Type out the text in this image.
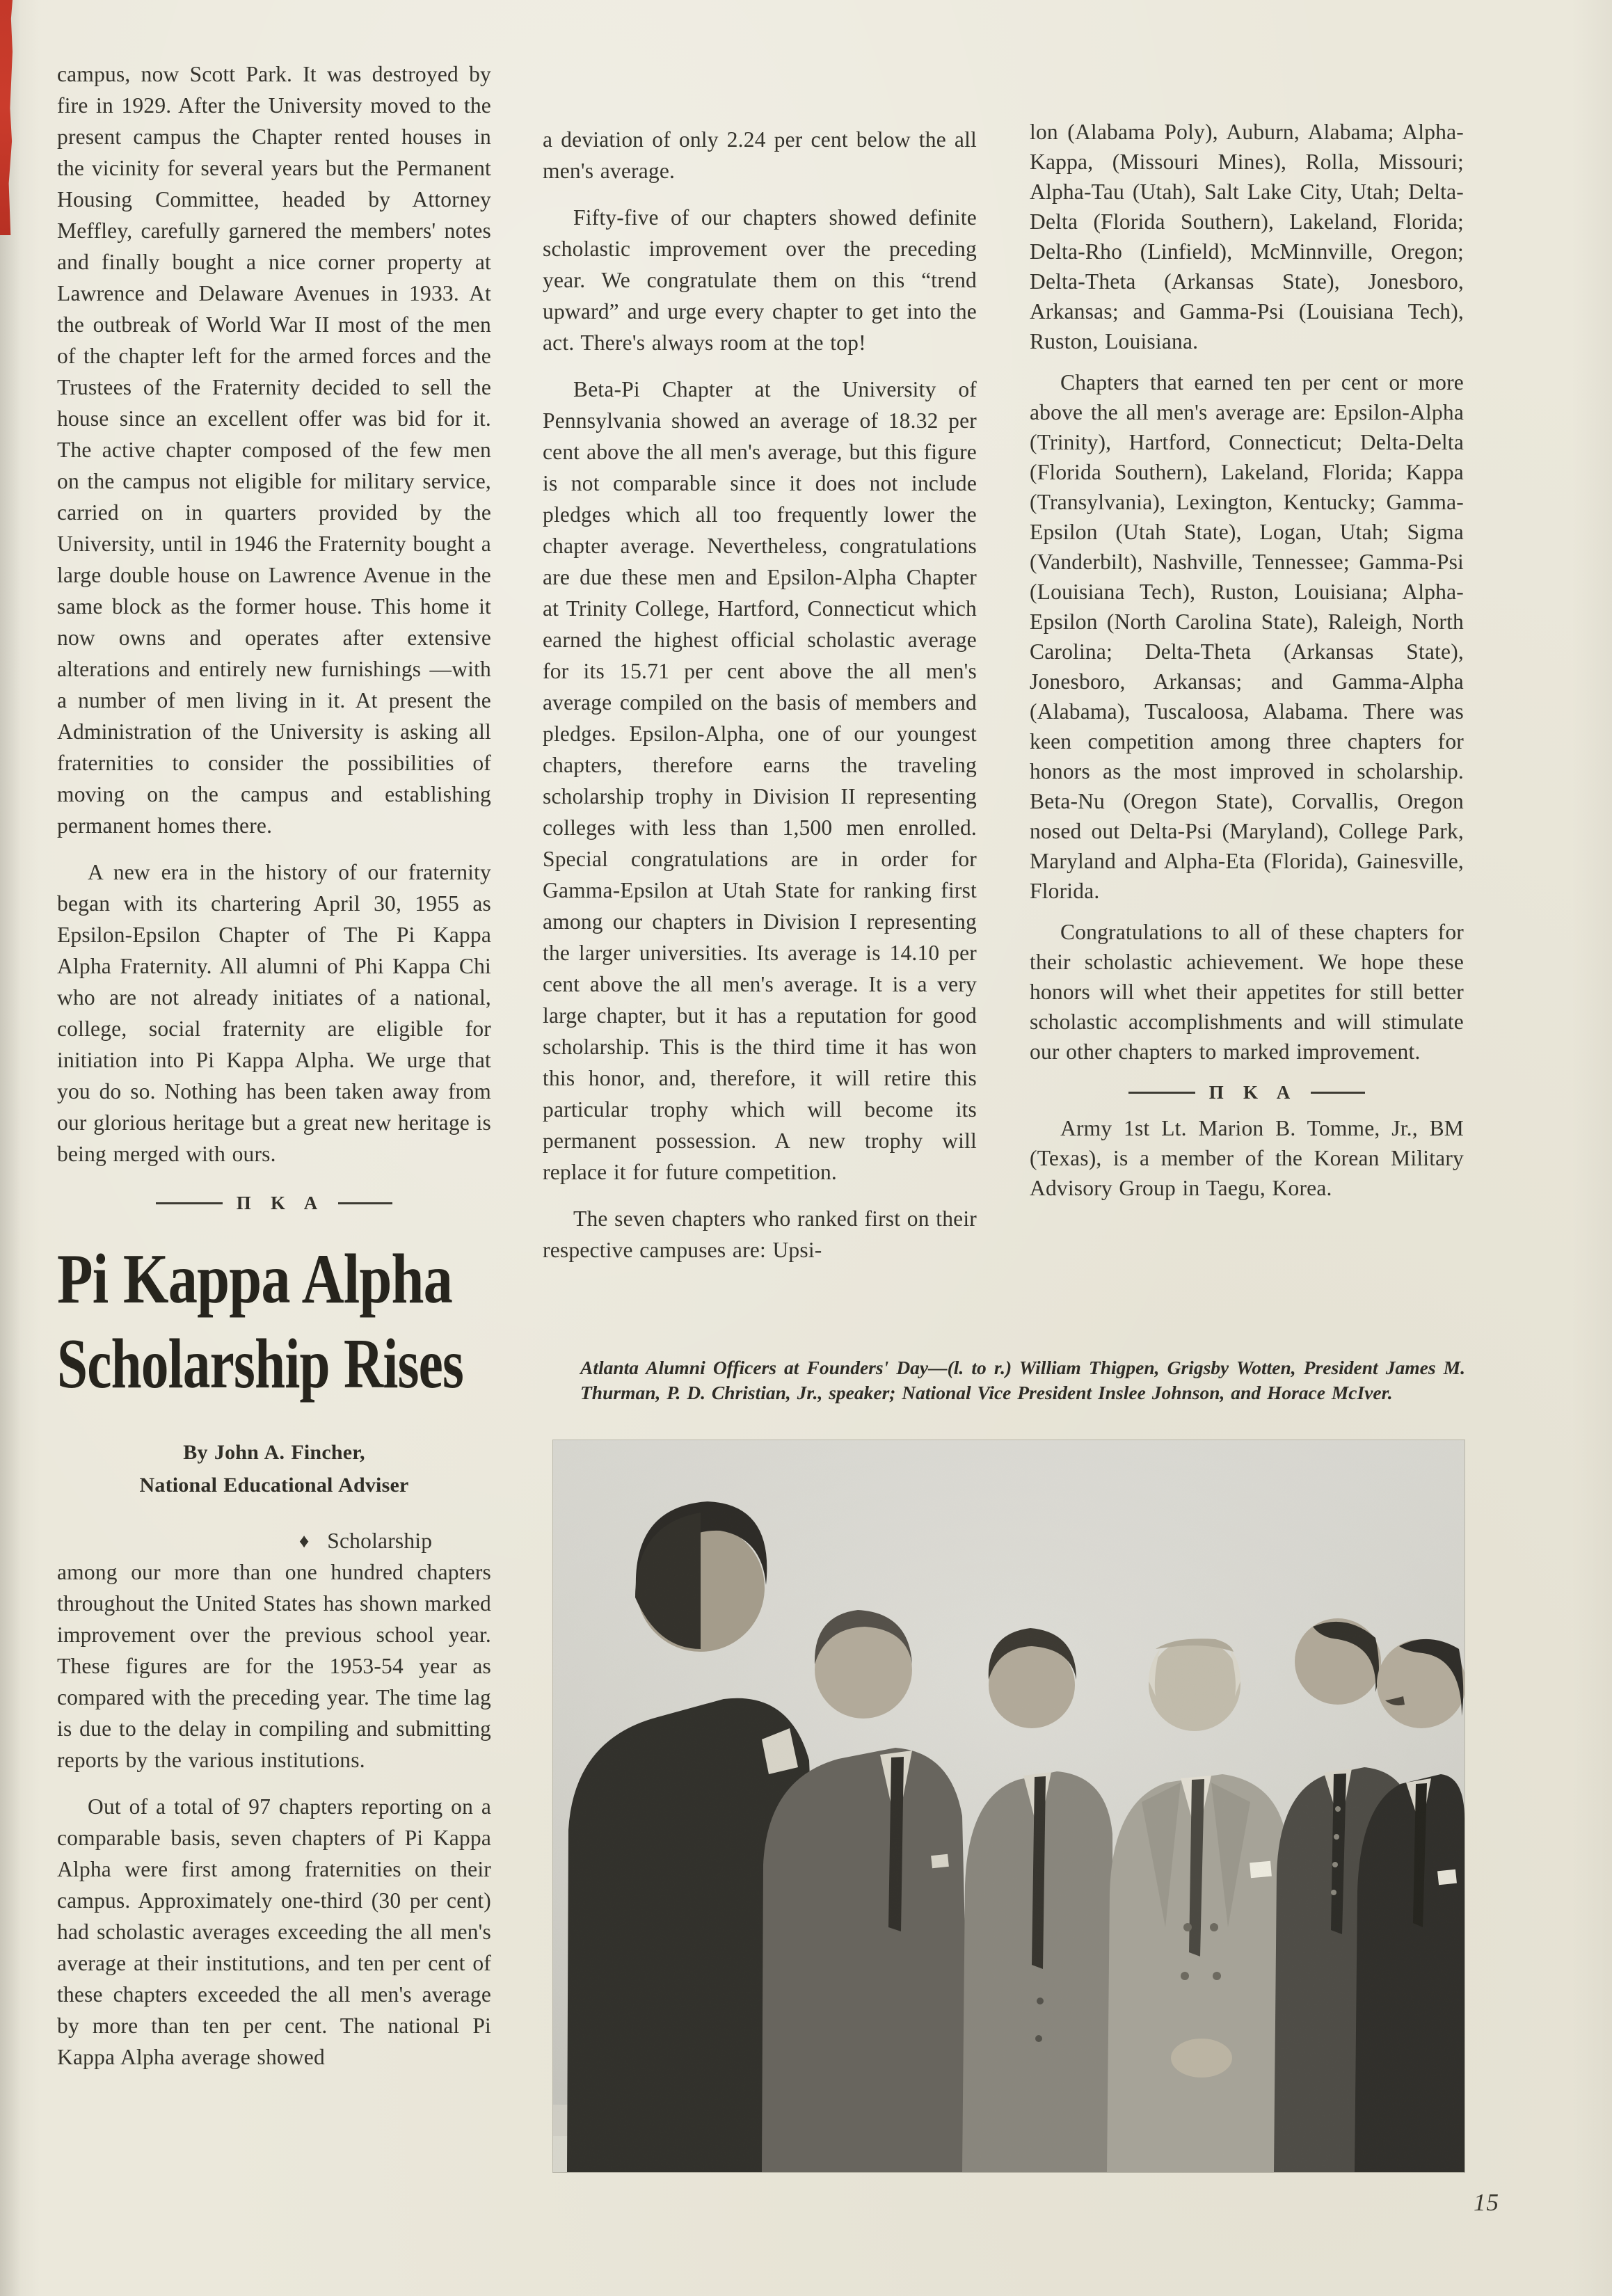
campus, now Scott Park. It was destroyed by fire in 1929. After the University moved to the present campus the Chapter rented houses in the vicinity for several years but the Permanent Housing Committee, headed by Attorney Meffley, carefully garnered the members' notes and finally bought a nice corner property at Lawrence and Delaware Avenues in 1933. At the outbreak of World War II most of the men of the chapter left for the armed forces and the Trustees of the Fraternity decided to sell the house since an excellent offer was bid for it. The active chapter composed of the few men on the campus not eligible for military service, carried on in quarters provided by the University, until in 1946 the Fraternity bought a large double house on Lawrence Avenue in the same block as the former house. This home it now owns and operates after extensive alterations and entirely new furnishings —with a number of men living in it. At present the Administration of the University is asking all fraternities to consider the possibilities of moving on the campus and establishing permanent homes there.

A new era in the history of our fraternity began with its chartering April 30, 1955 as Epsilon-Epsilon Chapter of The Pi Kappa Alpha Fraternity. All alumni of Phi Kappa Chi who are not already initiates of a national, college, social fraternity are eligible for initiation into Pi Kappa Alpha. We urge that you do so. Nothing has been taken away from our glorious heritage but a great new heritage is being merged with ours.

Π K A
Pi Kappa Alpha
Scholarship Rises
By John A. Fincher,
National Educational Adviser

♦ Scholarship among our more than one hundred chapters throughout the United States has shown marked improvement over the previous school year. These figures are for the 1953-54 year as compared with the preceding year. The time lag is due to the delay in compiling and submitting reports by the various institutions.

Out of a total of 97 chapters reporting on a comparable basis, seven chapters of Pi Kappa Alpha were first among fraternities on their campus. Approximately one-third (30 per cent) had scholastic averages exceeding the all men's average at their institutions, and ten per cent of these chapters exceeded the all men's average by more than ten per cent. The national Pi Kappa Alpha average showed

a deviation of only 2.24 per cent below the all men's average.

Fifty-five of our chapters showed definite scholastic improvement over the preceding year. We congratulate them on this “trend upward” and urge every chapter to get into the act. There's always room at the top!

Beta-Pi Chapter at the University of Pennsylvania showed an average of 18.32 per cent above the all men's average, but this figure is not comparable since it does not include pledges which all too frequently lower the chapter average. Nevertheless, congratulations are due these men and Epsilon-Alpha Chapter at Trinity College, Hartford, Connecticut which earned the highest official scholastic average for its 15.71 per cent above the all men's average compiled on the basis of members and pledges. Epsilon-Alpha, one of our youngest chapters, therefore earns the traveling scholarship trophy in Division II representing colleges with less than 1,500 men enrolled. Special congratulations are in order for Gamma-Epsilon at Utah State for ranking first among our chapters in Division I representing the larger universities. Its average is 14.10 per cent above the all men's average. It is a very large chapter, but it has a reputation for good scholarship. This is the third time it has won this honor, and, therefore, it will retire this particular trophy which will become its permanent possession. A new trophy will replace it for future competition.

The seven chapters who ranked first on their respective campuses are: Upsi-

lon (Alabama Poly), Auburn, Alabama; Alpha-Kappa, (Missouri Mines), Rolla, Missouri; Alpha-Tau (Utah), Salt Lake City, Utah; Delta-Delta (Florida Southern), Lakeland, Florida; Delta-Rho (Linfield), McMinnville, Oregon; Delta-Theta (Arkansas State), Jonesboro, Arkansas; and Gamma-Psi (Louisiana Tech), Ruston, Louisiana.

Chapters that earned ten per cent or more above the all men's average are: Epsilon-Alpha (Trinity), Hartford, Connecticut; Delta-Delta (Florida Southern), Lakeland, Florida; Kappa (Transylvania), Lexington, Kentucky; Gamma-Epsilon (Utah State), Logan, Utah; Sigma (Vanderbilt), Nashville, Tennessee; Gamma-Psi (Louisiana Tech), Ruston, Louisiana; Alpha-Epsilon (North Carolina State), Raleigh, North Carolina; Delta-Theta (Arkansas State), Jonesboro, Arkansas; and Gamma-Alpha (Alabama), Tuscaloosa, Alabama. There was keen competition among three chapters for honors as the most improved in scholarship. Beta-Nu (Oregon State), Corvallis, Oregon nosed out Delta-Psi (Maryland), College Park, Maryland and Alpha-Eta (Florida), Gainesville, Florida.

Congratulations to all of these chapters for their scholastic achievement. We hope these honors will whet their appetites for still better scholastic accomplishments and will stimulate our other chapters to marked improvement.

Π K A

Army 1st Lt. Marion B. Tomme, Jr., BM (Texas), is a member of the Korean Military Advisory Group in Taegu, Korea.

Atlanta Alumni Officers at Founders' Day—(l. to r.) William Thigpen, Grigsby Wotten, President James M. Thurman, P. D. Christian, Jr., speaker; National Vice President Inslee Johnson, and Horace McIver.
15
